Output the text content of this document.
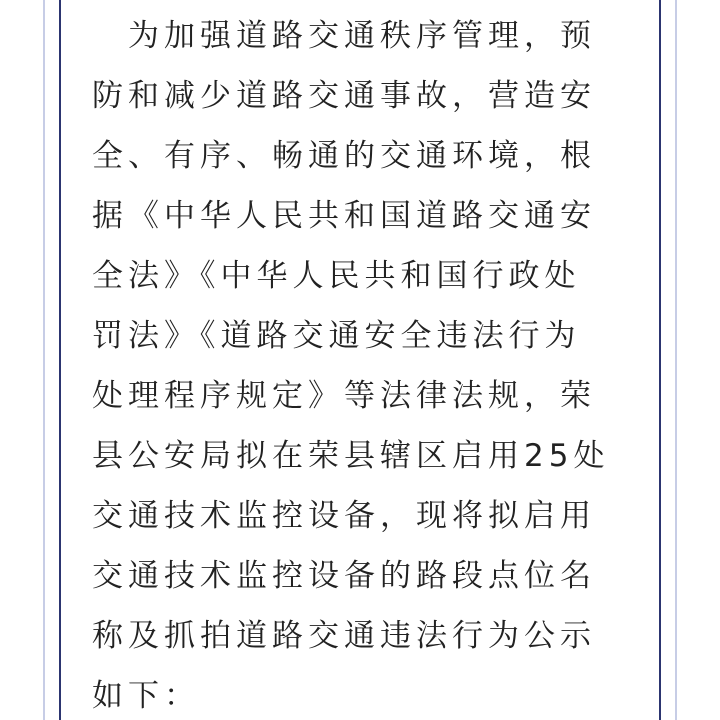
　为加强道路交通秩序管理，预
防和减少道路交通事故，营造安
全、有序、畅通的交通环境，根
据《中华人民共和国道路交通安
全法》《中华人民共和国行政处
罚法》《道路交通安全违法行为
处理程序规定》等法律法规，荣
县公安局拟在荣县辖区启用25处
交通技术监控设备，现将拟启用
交通技术监控设备的路段点位名
称及抓拍道路交通违法行为公示
如下：
